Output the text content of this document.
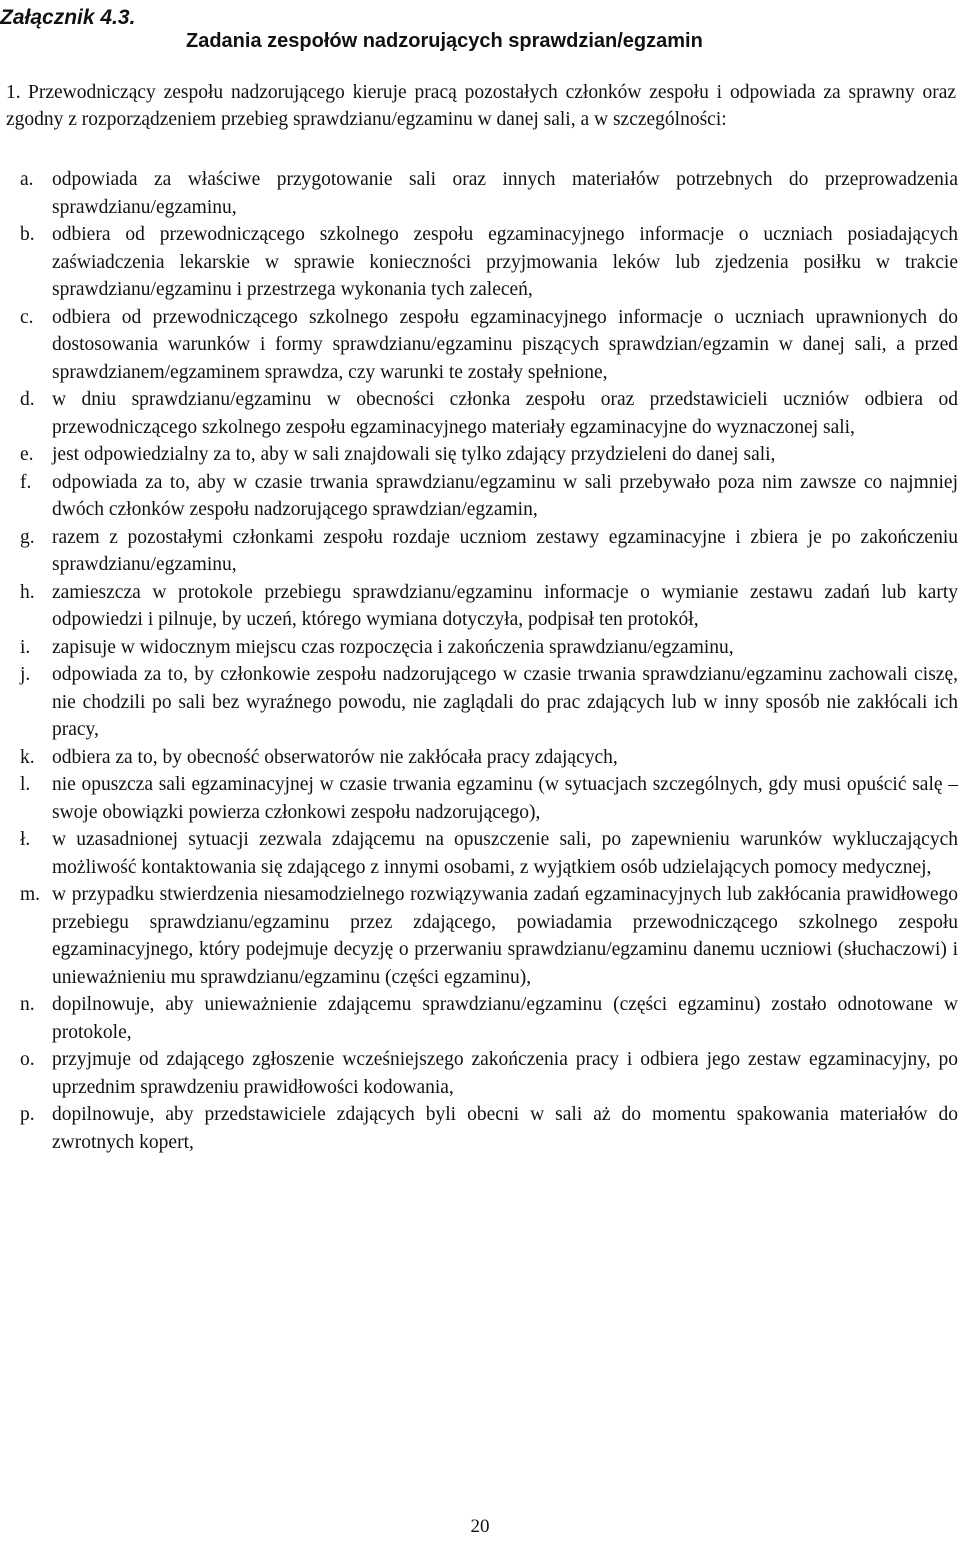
Załącznik 4.3.
Zadania zespołów nadzorujących sprawdzian/egzamin
1. Przewodniczący zespołu nadzorującego kieruje pracą pozostałych członków zespołu i odpowiada za sprawny oraz zgodny z rozporządzeniem przebieg sprawdzianu/egzaminu w danej sali, a w szczególności:
a. odpowiada za właściwe przygotowanie sali oraz innych materiałów potrzebnych do przeprowadzenia sprawdzianu/egzaminu,
b. odbiera od przewodniczącego szkolnego zespołu egzaminacyjnego informacje o uczniach posiadających zaświadczenia lekarskie w sprawie konieczności przyjmowania leków lub zjedzenia posiłku w trakcie sprawdzianu/egzaminu i przestrzega wykonania tych zaleceń,
c. odbiera od przewodniczącego szkolnego zespołu egzaminacyjnego informacje o uczniach uprawnionych do dostosowania warunków i formy sprawdzianu/egzaminu piszących sprawdzian/egzamin w danej sali, a przed sprawdzianem/egzaminem sprawdza, czy warunki te zostały spełnione,
d. w dniu sprawdzianu/egzaminu w obecności członka zespołu oraz przedstawicieli uczniów odbiera od przewodniczącego szkolnego zespołu egzaminacyjnego materiały egzaminacyjne do wyznaczonej sali,
e. jest odpowiedzialny za to, aby w sali znajdowali się tylko zdający przydzieleni do danej sali,
f.	odpowiada za to, aby w czasie trwania sprawdzianu/egzaminu w sali przebywało poza nim zawsze co najmniej dwóch członków zespołu nadzorującego sprawdzian/egzamin,
g. razem z pozostałymi członkami zespołu rozdaje uczniom zestawy egzaminacyjne i zbiera je po zakończeniu sprawdzianu/egzaminu,
h. zamieszcza w protokole przebiegu sprawdzianu/egzaminu informacje o wymianie zestawu zadań lub karty odpowiedzi i pilnuje, by uczeń, którego wymiana dotyczyła, podpisał ten protokół,
i.	zapisuje w widocznym miejscu czas rozpoczęcia i zakończenia sprawdzianu/egzaminu,
j.	odpowiada za to, by członkowie zespołu nadzorującego w czasie trwania sprawdzianu/egzaminu zachowali ciszę, nie chodzili po sali bez wyraźnego powodu, nie zaglądali do prac zdających lub w inny sposób nie zakłócali ich pracy,
k. odbiera za to, by obecność obserwatorów nie zakłócała pracy zdających,
l.	nie opuszcza sali egzaminacyjnej w czasie trwania egzaminu (w sytuacjach szczególnych, gdy musi opuścić salę – swoje obowiązki powierza członkowi zespołu nadzorującego),
ł.	w uzasadnionej sytuacji zezwala zdającemu na opuszczenie sali, po zapewnieniu warunków wykluczających możliwość kontaktowania się zdającego z innymi osobami, z wyjątkiem osób udzielających pomocy medycznej,
m. w przypadku stwierdzenia niesamodzielnego rozwiązywania zadań egzaminacyjnych lub zakłócania prawidłowego przebiegu sprawdzianu/egzaminu przez zdającego, powiadamia przewodniczącego szkolnego zespołu egzaminacyjnego, który podejmuje decyzję o przerwaniu sprawdzianu/egzaminu danemu uczniowi (słuchaczowi) i unieważnieniu mu sprawdzianu/egzaminu (części egzaminu),
n. dopilnowuje, aby unieważnienie zdającemu sprawdzianu/egzaminu (części egzaminu) zostało odnotowane w protokole,
o. przyjmuje od zdającego zgłoszenie wcześniejszego zakończenia pracy i odbiera jego zestaw egzaminacyjny, po uprzednim sprawdzeniu prawidłowości kodowania,
p. dopilnowuje, aby przedstawiciele zdających byli obecni w sali aż do momentu spakowania materiałów do zwrotnych kopert,
20
